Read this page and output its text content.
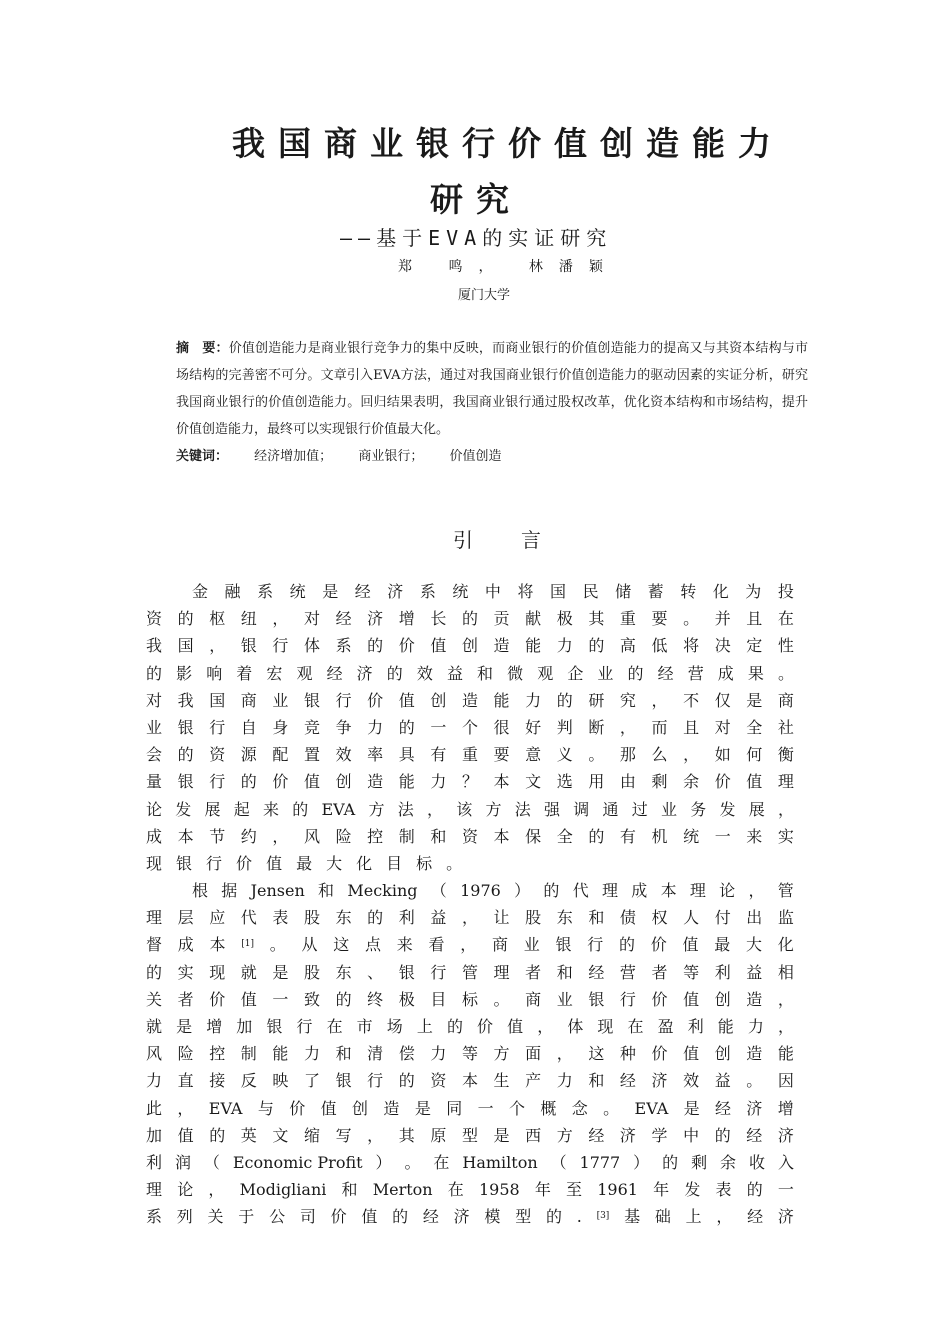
我国商业银行价值创造能力
研究
——基于EVA的实证研究
郑 鸣， 林潘颖
厦门大学

摘　要：价值创造能力是商业银行竞争力的集中反映，而商业银行的价值创造能力的提高又与其资本结构与市场结构的完善密不可分。文章引入EVA方法，通过对我国商业银行价值创造能力的驱动因素的实证分析，研究我国商业银行的价值创造能力。回归结果表明，我国商业银行通过股权改革，优化资本结构和市场结构，提升价值创造能力，最终可以实现银行价值最大化。

关键词： 经济增加值； 商业银行； 价值创造
引言
金 融 系 统 是 经 济 系 统 中 将 国 民 储 蓄 转 化 为 投
资 的 枢 纽 ， 对 经 济 增 长 的 贡 献 极 其 重 要 。 并 且 在
我 国 ， 银 行 体 系 的 价 值 创 造 能 力 的 高 低 将 决 定 性
的 影 响 着 宏 观 经 济 的 效 益 和 微 观 企 业 的 经 营 成 果 。
对 我 国 商 业 银 行 价 值 创 造 能 力 的 研 究 ， 不 仅 是 商
业 银 行 自 身 竞 争 力 的 一 个 很 好 判 断 ， 而 且 对 全 社
会 的 资 源 配 置 效 率 具 有 重 要 意 义 。 那 么 ， 如 何 衡
量 银 行 的 价 值 创 造 能 力 ？ 本 文 选 用 由 剩 余 价 值 理
论 发 展 起 来 的 EVA 方 法 ， 该 方 法 强 调 通 过 业 务 发 展 ，
成 本 节 约 ， 风 险 控 制 和 资 本 保 全 的 有 机 统 一 来 实
现 银 行 价 值 最 大 化 目 标 。
根 据 Jensen 和 Mecking （ 1976 ） 的 代 理 成 本 理 论 ， 管
理 层 应 代 表 股 东 的 利 益 ， 让 股 东 和 债 权 人 付 出 监
督 成 本 [1] 。 从 这 点 来 看 ， 商 业 银 行 的 价 值 最 大 化
的 实 现 就 是 股 东 、 银 行 管 理 者 和 经 营 者 等 利 益 相
关 者 价 值 一 致 的 终 极 目 标 。 商 业 银 行 价 值 创 造 ，
就 是 增 加 银 行 在 市 场 上 的 价 值 ， 体 现 在 盈 利 能 力 ，
风 险 控 制 能 力 和 清 偿 力 等 方 面 ， 这 种 价 值 创 造 能
力 直 接 反 映 了 银 行 的 资 本 生 产 力 和 经 济 效 益 。 因
此 ， EVA 与 价 值 创 造 是 同 一 个 概 念 。 EVA 是 经 济 增
加 值 的 英 文 缩 写 ， 其 原 型 是 西 方 经 济 学 中 的 经 济
利 润 （ Economic Profit ） 。 在 Hamilton （ 1777 ） 的 剩 余 收 入
理 论 ， Modigliani 和 Merton 在 1958 年 至 1961 年 发 表 的 一
系 列 关 于 公 司 价 值 的 经 济 模 型 的 . [3] 基 础 上 ， 经 济
